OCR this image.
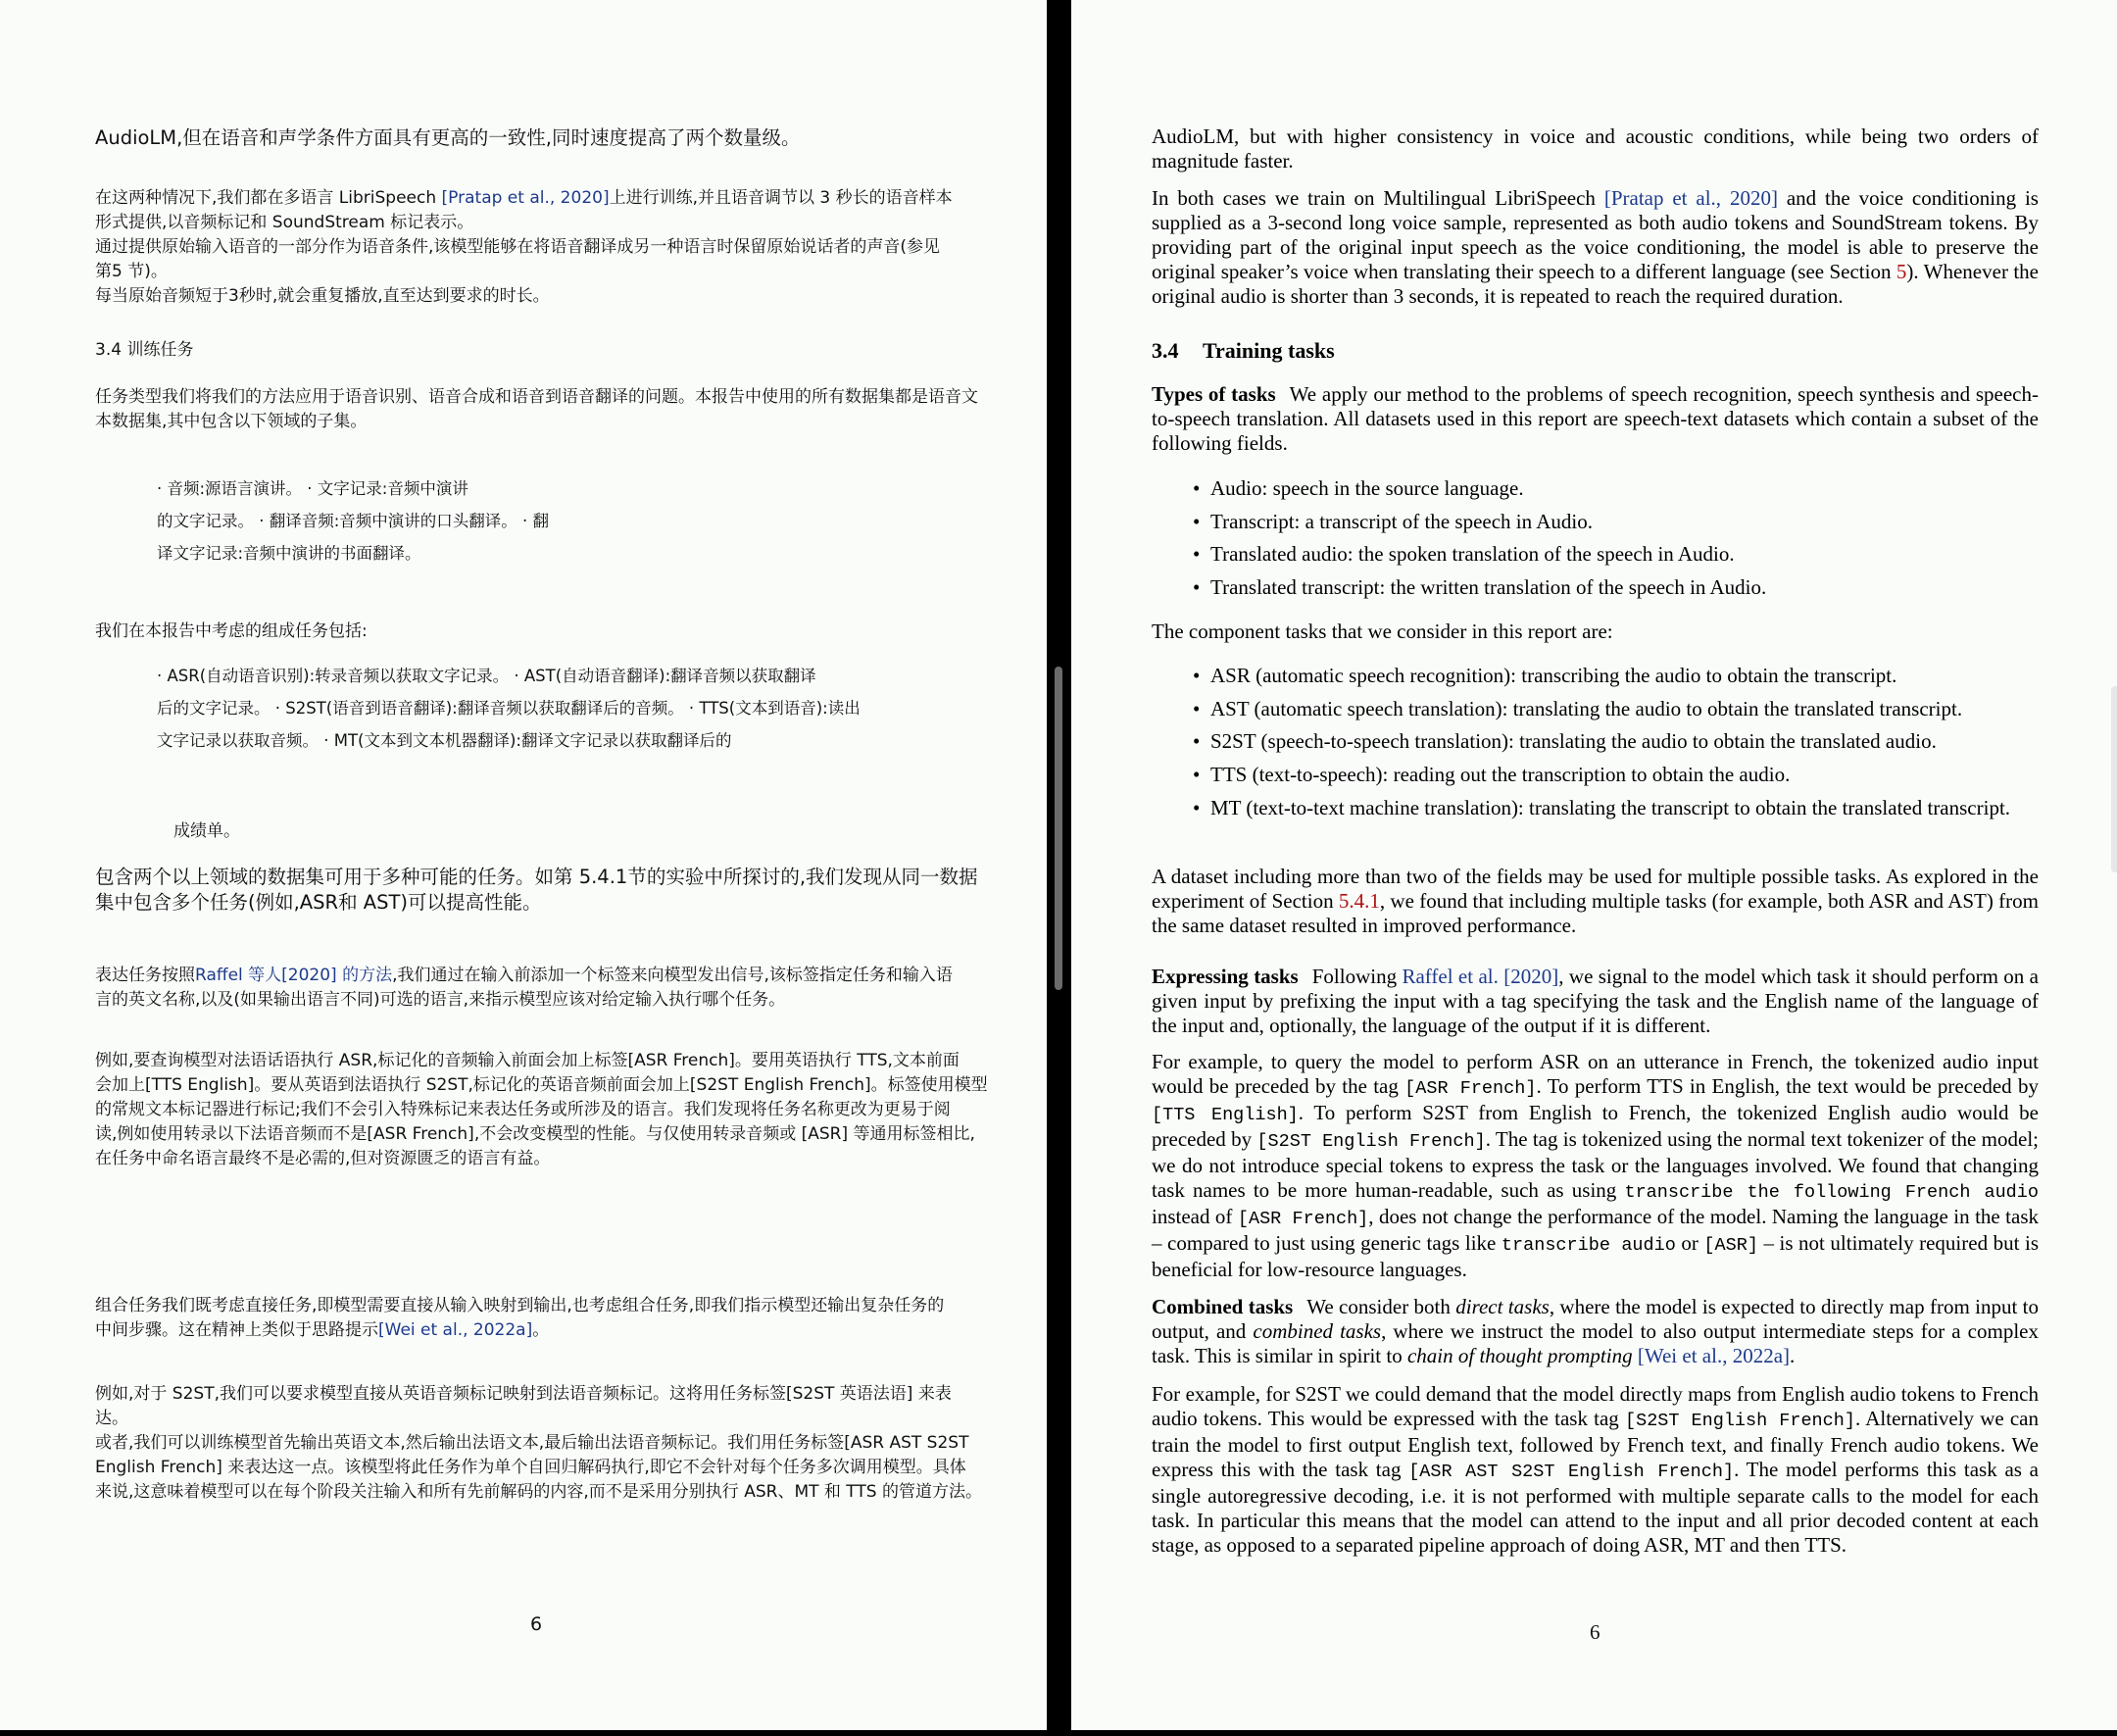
AudioLM,但在语音和声学条件方面具有更高的一致性,同时速度提高了两个数量级。

在这两种情况下,我们都在多语言 LibriSpeech [Pratap et al., 2020]上进行训练,并且语音调节以 3 秒长的语音样本
形式提供,以音频标记和 SoundStream 标记表示。
通过提供原始输入语音的一部分作为语音条件,该模型能够在将语音翻译成另一种语言时保留原始说话者的声音(参见
第5 节)。
每当原始音频短于3秒时,就会重复播放,直至达到要求的时长。

3.4 训练任务

任务类型我们将我们的方法应用于语音识别、语音合成和语音到语音翻译的问题。本报告中使用的所有数据集都是语音文
本数据集,其中包含以下领域的子集。

· 音频:源语言演讲。 · 文字记录:音频中演讲
的文字记录。 · 翻译音频:音频中演讲的口头翻译。 · 翻
译文字记录:音频中演讲的书面翻译。

我们在本报告中考虑的组成任务包括:

· ASR(自动语音识别):转录音频以获取文字记录。 · AST(自动语音翻译):翻译音频以获取翻译
后的文字记录。 · S2ST(语音到语音翻译):翻译音频以获取翻译后的音频。 · TTS(文本到语音):读出
文字记录以获取音频。 · MT(文本到文本机器翻译):翻译文字记录以获取翻译后的

成绩单。

包含两个以上领域的数据集可用于多种可能的任务。如第 5.4.1节的实验中所探讨的,我们发现从同一数据
集中包含多个任务(例如,ASR和 AST)可以提高性能。

表达任务按照Raffel 等人[2020] 的方法,我们通过在输入前添加一个标签来向模型发出信号,该标签指定任务和输入语
言的英文名称,以及(如果输出语言不同)可选的语言,来指示模型应该对给定输入执行哪个任务。

例如,要查询模型对法语话语执行 ASR,标记化的音频输入前面会加上标签[ASR French]。要用英语执行 TTS,文本前面
会加上[TTS English]。要从英语到法语执行 S2ST,标记化的英语音频前面会加上[S2ST English French]。标签使用模型
的常规文本标记器进行标记;我们不会引入特殊标记来表达任务或所涉及的语言。我们发现将任务名称更改为更易于阅
读,例如使用转录以下法语音频而不是[ASR French],不会改变模型的性能。与仅使用转录音频或 [ASR] 等通用标签相比,
在任务中命名语言最终不是必需的,但对资源匮乏的语言有益。

组合任务我们既考虑直接任务,即模型需要直接从输入映射到输出,也考虑组合任务,即我们指示模型还输出复杂任务的
中间步骤。这在精神上类似于思路提示[Wei et al., 2022a]。

例如,对于 S2ST,我们可以要求模型直接从英语音频标记映射到法语音频标记。这将用任务标签[S2ST 英语法语] 来表
达。
或者,我们可以训练模型首先输出英语文本,然后输出法语文本,最后输出法语音频标记。我们用任务标签[ASR AST S2ST
English French] 来表达这一点。该模型将此任务作为单个自回归解码执行,即它不会针对每个任务多次调用模型。具体
来说,这意味着模型可以在每个阶段关注输入和所有先前解码的内容,而不是采用分别执行 ASR、MT 和 TTS 的管道方法。

6

AudioLM, but with higher consistency in voice and acoustic conditions, while being two orders of magnitude faster.

In both cases we train on Multilingual LibriSpeech [Pratap et al., 2020] and the voice conditioning is supplied as a 3-second long voice sample, represented as both audio tokens and SoundStream tokens. By providing part of the original input speech as the voice conditioning, the model is able to preserve the original speaker’s voice when translating their speech to a different language (see Section 5). Whenever the original audio is shorter than 3 seconds, it is repeated to reach the required duration.

3.4 Training tasks

Types of tasks We apply our method to the problems of speech recognition, speech synthesis and speech-to-speech translation. All datasets used in this report are speech-text datasets which contain a subset of the following fields.

• Audio: speech in the source language.
• Transcript: a transcript of the speech in Audio.
• Translated audio: the spoken translation of the speech in Audio.
• Translated transcript: the written translation of the speech in Audio.

The component tasks that we consider in this report are:

• ASR (automatic speech recognition): transcribing the audio to obtain the transcript.
• AST (automatic speech translation): translating the audio to obtain the translated transcript.
• S2ST (speech-to-speech translation): translating the audio to obtain the translated audio.
• TTS (text-to-speech): reading out the transcription to obtain the audio.
• MT (text-to-text machine translation): translating the transcript to obtain the translated transcript.

A dataset including more than two of the fields may be used for multiple possible tasks. As explored in the experiment of Section 5.4.1, we found that including multiple tasks (for example, both ASR and AST) from the same dataset resulted in improved performance.

Expressing tasks Following Raffel et al. [2020], we signal to the model which task it should perform on a given input by prefixing the input with a tag specifying the task and the English name of the language of the input and, optionally, the language of the output if it is different.

For example, to query the model to perform ASR on an utterance in French, the tokenized audio input would be preceded by the tag [ASR French]. To perform TTS in English, the text would be preceded by [TTS English]. To perform S2ST from English to French, the tokenized English audio would be preceded by [S2ST English French]. The tag is tokenized using the normal text tokenizer of the model; we do not introduce special tokens to express the task or the languages involved. We found that changing task names to be more human-readable, such as using transcribe the following French audio instead of [ASR French], does not change the performance of the model. Naming the language in the task – compared to just using generic tags like transcribe audio or [ASR] – is not ultimately required but is beneficial for low-resource languages.

Combined tasks We consider both direct tasks, where the model is expected to directly map from input to output, and combined tasks, where we instruct the model to also output intermediate steps for a complex task. This is similar in spirit to chain of thought prompting [Wei et al., 2022a].

For example, for S2ST we could demand that the model directly maps from English audio tokens to French audio tokens. This would be expressed with the task tag [S2ST English French]. Alternatively we can train the model to first output English text, followed by French text, and finally French audio tokens. We express this with the task tag [ASR AST S2ST English French]. The model performs this task as a single autoregressive decoding, i.e. it is not performed with multiple separate calls to the model for each task. In particular this means that the model can attend to the input and all prior decoded content at each stage, as opposed to a separated pipeline approach of doing ASR, MT and then TTS.

6
